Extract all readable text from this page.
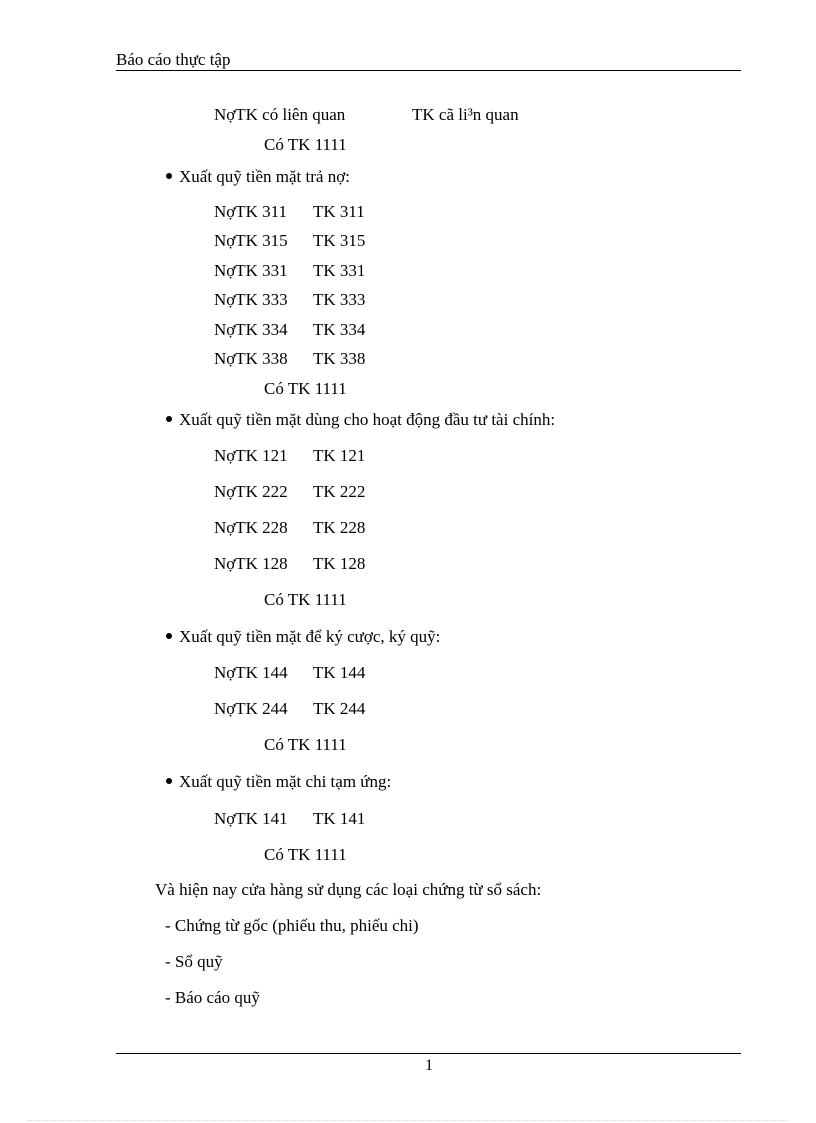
Báo cáo thực tập
NợTK có liên quan	TK cã li³n quan
Có TK 1111
Xuất quỹ tiền mặt trả nợ:
NợTK 311 TK 311
NợTK 315 TK 315
NợTK 331 TK 331
NợTK 333 TK 333
NợTK 334 TK 334
NợTK 338 TK 338
Có TK 1111
Xuất quỹ tiền mặt dùng cho hoạt động đầu tư tài chính:
NợTK 121 TK 121
NợTK 222 TK 222
NợTK 228 TK 228
NợTK 128 TK 128
Có TK 1111
Xuất quỹ tiền mặt để ký cược, ký quỹ:
NợTK 144 TK 144
NợTK 244 TK 244
Có TK 1111
Xuất quỹ tiền mặt chi tạm ứng:
NợTK 141 TK 141
Có TK 1111
Và hiện nay cửa hàng sử dụng các loại chứng từ sổ sách:
- Chứng từ gốc (phiếu thu, phiếu chi)
- Sổ quỹ
- Báo cáo quỹ
1
